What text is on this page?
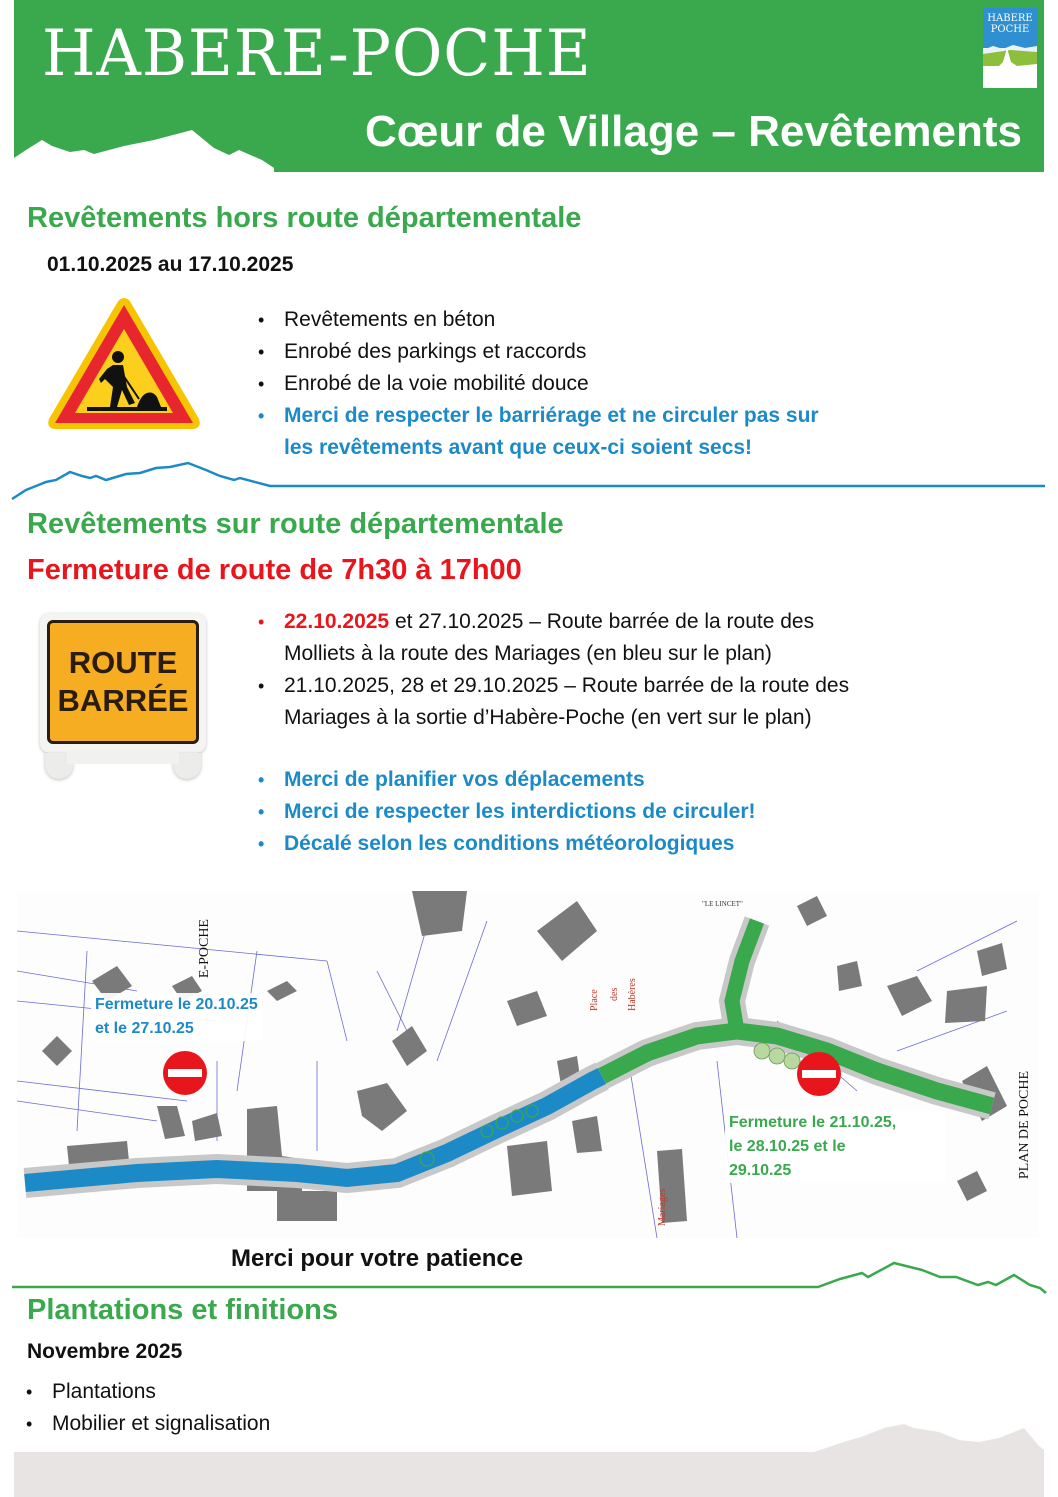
HABERE-POCHE
Cœur de Village – Revêtements
HABERE
POCHE
Revêtements hors route départementale
01.10.2025 au 17.10.2025
• Revêtements en béton
• Enrobé des parkings et raccords
• Enrobé de la voie mobilité douce
• Merci de respecter le barriérage et ne circuler pas sur
les revêtements avant que ceux-ci soient secs!
Revêtements sur route départementale
Fermeture de route de 7h30 à 17h00
ROUTE
BARRÉE
• 22.10.2025 et 27.10.2025 – Route barrée de la route des
Molliets à la route des Mariages (en bleu sur le plan)
• 21.10.2025, 28 et 29.10.2025 – Route barrée de la route des
Mariages à la sortie d’Habère-Poche (en vert sur le plan)
• Merci de planifier vos déplacements
• Merci de respecter les interdictions de circuler!
• Décalé selon les conditions météorologiques
Place des Habères
Mariages
"LE LINCET"
Fermeture le 20.10.25
et le 27.10.25
Fermeture le 21.10.25,
le 28.10.25 et le
29.10.25
E-POCHE
PLAN DE POCHE
Merci pour votre patience
Plantations et finitions
Novembre 2025
• Plantations
• Mobilier et signalisation
